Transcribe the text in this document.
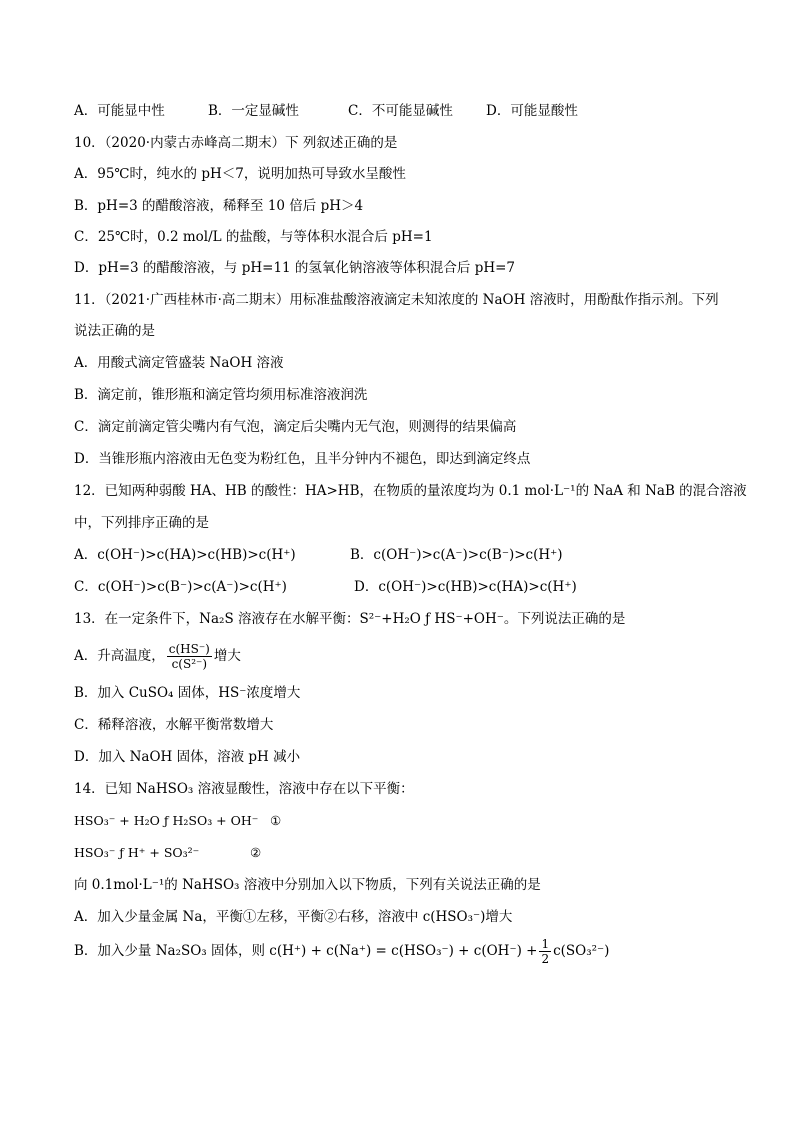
A．可能显中性	B．一定显碱性	C．不可能显碱性 D．可能显酸性
10．（2020·内蒙古赤峰高二期末）下 列叙述正确的是
A．95℃时，纯水的 pH＜7，说明加热可导致水呈酸性
B．pH=3 的醋酸溶液，稀释至 10 倍后 pH＞4
C．25℃时，0.2 mol/L 的盐酸，与等体积水混合后 pH=1
D．pH=3 的醋酸溶液，与 pH=11 的氢氧化钠溶液等体积混合后 pH=7
11．（2021·广西桂林市·高二期末）用标准盐酸溶液滴定未知浓度的 NaOH 溶液时，用酚酞作指示剂。下列
说法正确的是
A．用酸式滴定管盛装 NaOH 溶液
B．滴定前，锥形瓶和滴定管均须用标准溶液润洗
C．滴定前滴定管尖嘴内有气泡，滴定后尖嘴内无气泡，则测得的结果偏高
D．当锥形瓶内溶液由无色变为粉红色，且半分钟内不褪色，即达到滴定终点
12．已知两种弱酸 HA、HB 的酸性：HA>HB，在物质的量浓度均为 0.1 mol·L⁻¹的 NaA 和 NaB 的混合溶液
中，下列排序正确的是
A．c(OH⁻)>c(HA)>c(HB)>c(H⁺)	B．c(OH⁻)>c(A⁻)>c(B⁻)>c(H⁺)
C．c(OH⁻)>c(B⁻)>c(A⁻)>c(H⁺)	D．c(OH⁻)>c(HB)>c(HA)>c(H⁺)
13．在一定条件下，Na₂S 溶液存在水解平衡：S²⁻+H₂O ƒ HS⁻+OH⁻。下列说法正确的是
A．升高温度， $\frac{c(HS^-)}{\text{c(S²⁻)}}$ 增大
B．加入 CuSO₄ 固体，HS⁻浓度增大
C．稀释溶液，水解平衡常数增大
D．加入 NaOH 固体，溶液 pH 减小
14．已知 NaHSO₃ 溶液显酸性，溶液中存在以下平衡：
HSO₃⁻ + H₂O ƒ H₂SO₃ + OH⁻ ①
HSO₃⁻ ƒ H⁺ + SO₃²⁻	②
向 0.1mol·L⁻¹的 NaHSO₃ 溶液中分别加入以下物质，下列有关说法正确的是
A．加入少量金属 Na，平衡①左移，平衡②右移，溶液中 c(HSO₃⁻)增大
B．加入少量 Na₂SO₃ 固体，则 $c(H^+) + c(Na^+) = c(HSO_3^-) + c(OH^-) + \frac{1}{2} c(SO_3^{2-})$
